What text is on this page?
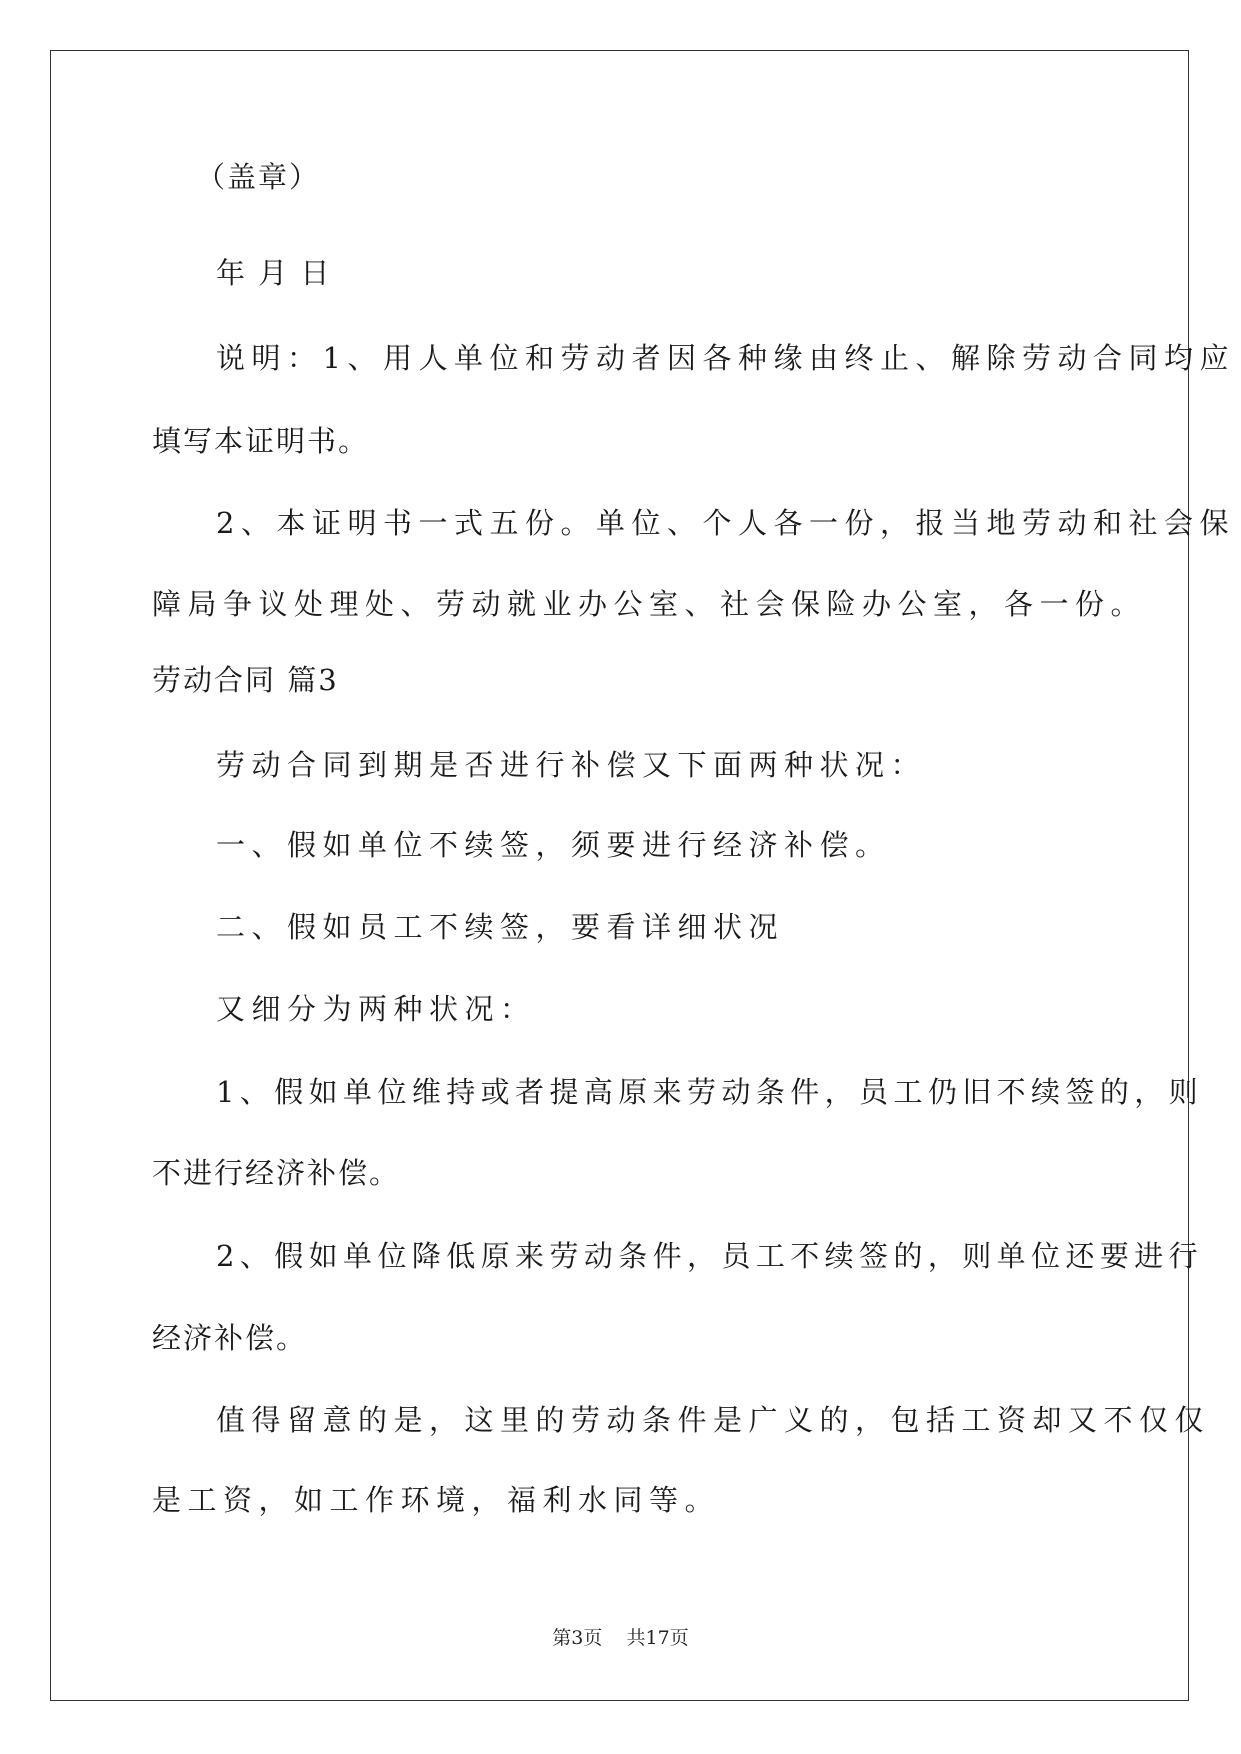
（盖章）
年 月 日
说明：1、用人单位和劳动者因各种缘由终止、解除劳动合同均应
填写本证明书。
2、本证明书一式五份。单位、个人各一份，报当地劳动和社会保
障局争议处理处、劳动就业办公室、社会保险办公室，各一份。
劳动合同 篇3
劳动合同到期是否进行补偿又下面两种状况：
一、假如单位不续签，须要进行经济补偿。
二、假如员工不续签，要看详细状况
又细分为两种状况：
1、假如单位维持或者提高原来劳动条件，员工仍旧不续签的，则
不进行经济补偿。
2、假如单位降低原来劳动条件，员工不续签的，则单位还要进行
经济补偿。
值得留意的是，这里的劳动条件是广义的，包括工资却又不仅仅
是工资，如工作环境，福利水同等。
第3页    共17页
